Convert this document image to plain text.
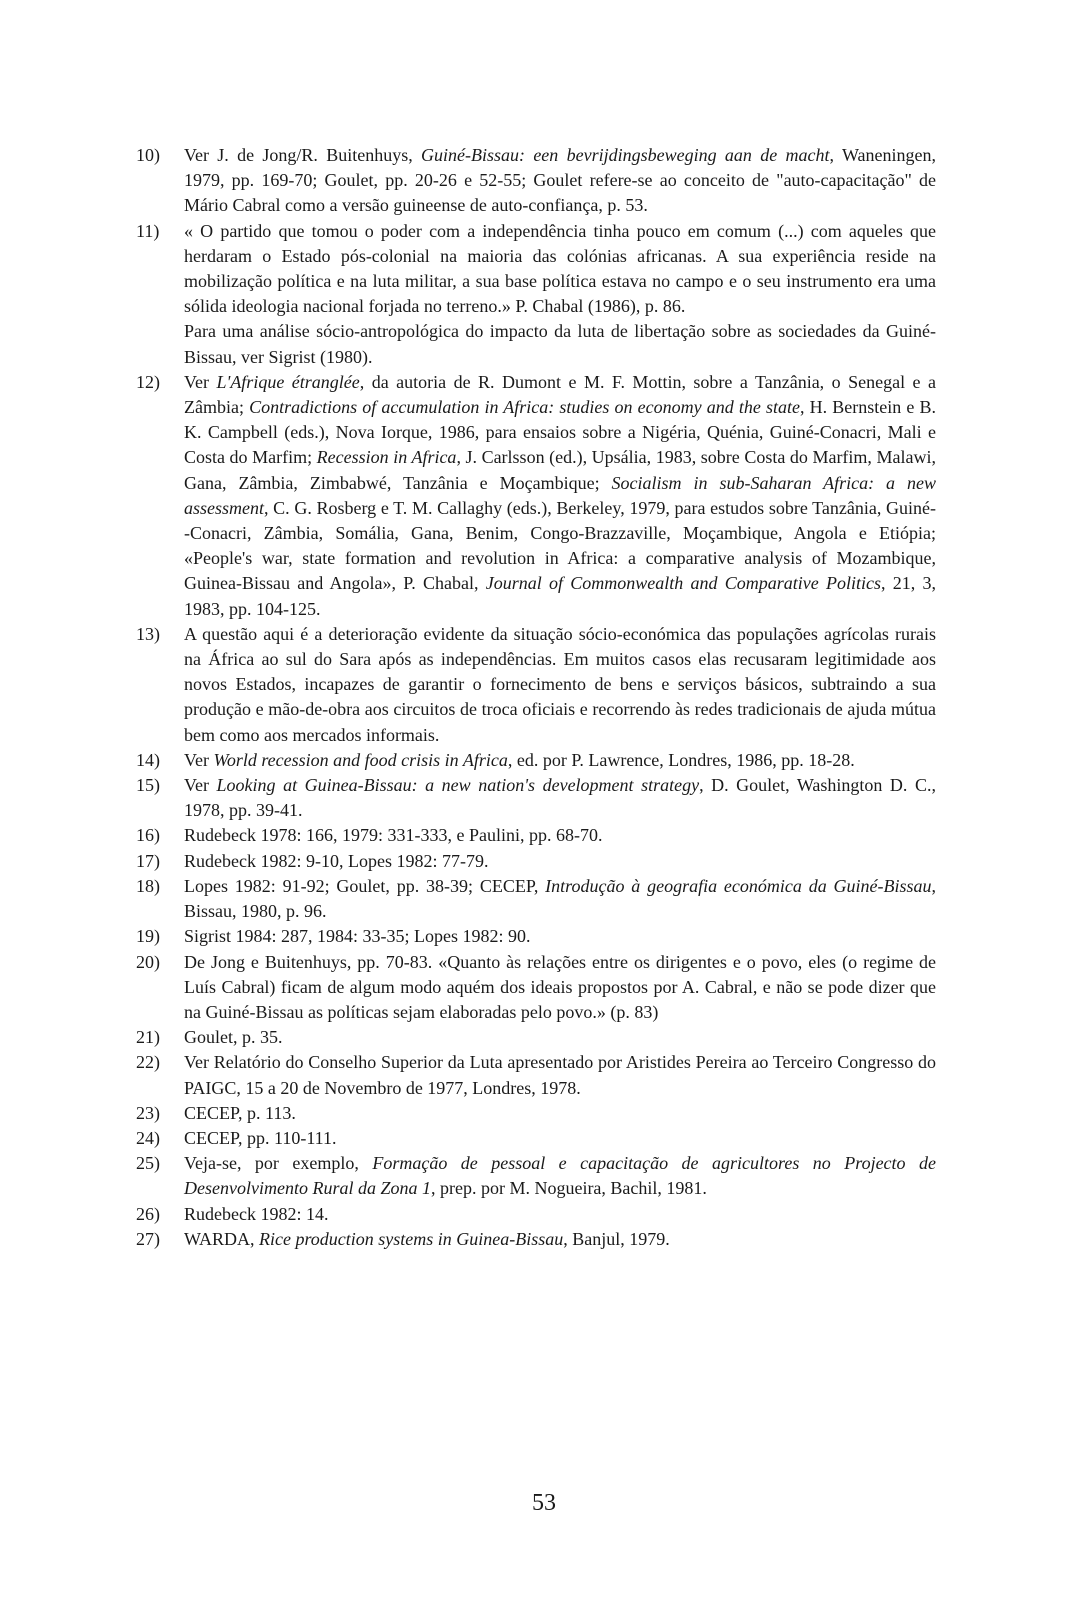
10)	Ver J. de Jong/R. Buitenhuys, Guiné-Bissau: een bevrijdingsbeweging aan de macht, Waneningen, 1979, pp. 169-70; Goulet, pp. 20-26 e 52-55; Goulet refere-se ao conceito de "auto-capacitação" de Mário Cabral como a versão guineense de auto-confiança, p. 53.
11)	« O partido que tomou o poder com a independência tinha pouco em comum (...) com aqueles que herdaram o Estado pós-colonial na maioria das colónias africanas. A sua experiência reside na mobilização política e na luta militar, a sua base política estava no campo e o seu instrumento era uma sólida ideologia nacional forjada no terreno.» P. Chabal (1986), p. 86.
Para uma análise sócio-antropológica do impacto da luta de libertação sobre as sociedades da Guiné-Bissau, ver Sigrist (1980).
12)	Ver L'Afrique étranglée, da autoria de R. Dumont e M. F. Mottin, sobre a Tanzânia, o Senegal e a Zâmbia; Contradictions of accumulation in Africa: studies on economy and the state, H. Bernstein e B. K. Campbell (eds.), Nova Iorque, 1986, para ensaios sobre a Nigéria, Quénia, Guiné-Conacri, Mali e Costa do Marfim; Recession in Africa, J. Carlsson (ed.), Upsália, 1983, sobre Costa do Marfim, Malawi, Gana, Zâmbia, Zimbabwé, Tanzânia e Moçambique; Socialism in sub-Saharan Africa: a new assessment, C. G. Rosberg e T. M. Callaghy (eds.), Berkeley, 1979, para estudos sobre Tanzânia, Guiné--Conacri, Zâmbia, Somália, Gana, Benim, Congo-Brazzaville, Moçambique, Angola e Etiópia; «People's war, state formation and revolution in Africa: a comparative analysis of Mozambique, Guinea-Bissau and Angola», P. Chabal, Journal of Commonwealth and Comparative Politics, 21, 3, 1983, pp. 104-125.
13)	A questão aqui é a deterioração evidente da situação sócio-económica das populações agrícolas rurais na África ao sul do Sara após as independências. Em muitos casos elas recusaram legitimidade aos novos Estados, incapazes de garantir o fornecimento de bens e serviços básicos, subtraindo a sua produção e mão-de-obra aos circuitos de troca oficiais e recorrendo às redes tradicionais de ajuda mútua bem como aos mercados informais.
14)	Ver World recession and food crisis in Africa, ed. por P. Lawrence, Londres, 1986, pp. 18-28.
15)	Ver Looking at Guinea-Bissau: a new nation's development strategy, D. Goulet, Washington D. C., 1978, pp. 39-41.
16)	Rudebeck 1978: 166, 1979: 331-333, e Paulini, pp. 68-70.
17)	Rudebeck 1982: 9-10, Lopes 1982: 77-79.
18)	Lopes 1982: 91-92; Goulet, pp. 38-39; CECEP, Introdução à geografia económica da Guiné-Bissau, Bissau, 1980, p. 96.
19)	Sigrist 1984: 287, 1984: 33-35; Lopes 1982: 90.
20)	De Jong e Buitenhuys, pp. 70-83. «Quanto às relações entre os dirigentes e o povo, eles (o regime de Luís Cabral) ficam de algum modo aquém dos ideais propostos por A. Cabral, e não se pode dizer que na Guiné-Bissau as políticas sejam elaboradas pelo povo.» (p. 83)
21)	Goulet, p. 35.
22)	Ver Relatório do Conselho Superior da Luta apresentado por Aristides Pereira ao Terceiro Congresso do PAIGC, 15 a 20 de Novembro de 1977, Londres, 1978.
23)	CECEP, p. 113.
24)	CECEP, pp. 110-111.
25)	Veja-se, por exemplo, Formação de pessoal e capacitação de agricultores no Projecto de Desenvolvimento Rural da Zona 1, prep. por M. Nogueira, Bachil, 1981.
26)	Rudebeck 1982: 14.
27)	WARDA, Rice production systems in Guinea-Bissau, Banjul, 1979.
53
